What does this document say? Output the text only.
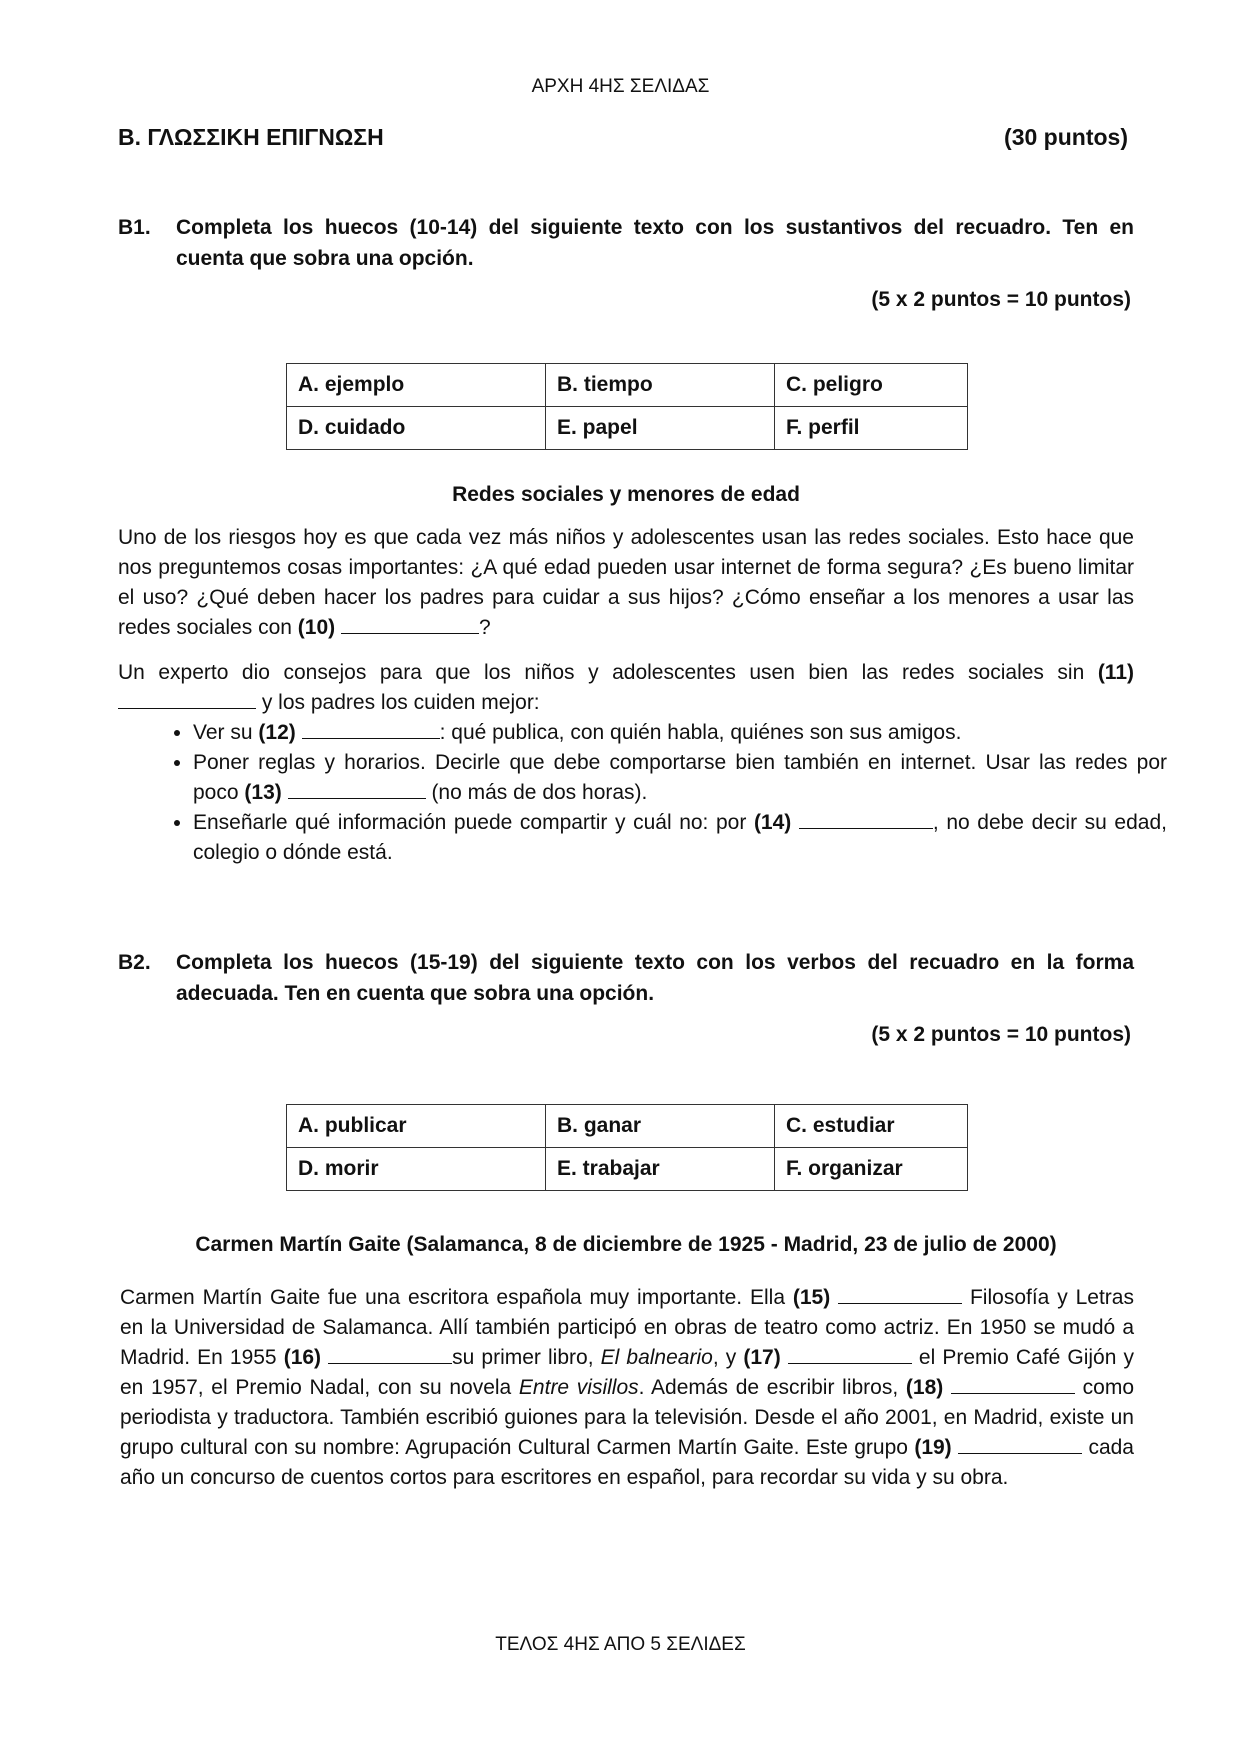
ΑΡΧΗ 4ΗΣ ΣΕΛΙΔΑΣ
Β. ΓΛΩΣΣΙΚΗ ΕΠΙΓΝΩΣΗ	(30 puntos)
B1. Completa los huecos (10-14) del siguiente texto con los sustantivos del recuadro. Ten en cuenta que sobra una opción.
(5 x 2 puntos = 10 puntos)
A. ejemplo	B. tiempo	C. peligro
D. cuidado	E. papel	F. perfil
Redes sociales y menores de edad
Uno de los riesgos hoy es que cada vez más niños y adolescentes usan las redes sociales. Esto hace que nos preguntemos cosas importantes: ¿A qué edad pueden usar internet de forma segura? ¿Es bueno limitar el uso? ¿Qué deben hacer los padres para cuidar a sus hijos? ¿Cómo enseñar a los menores a usar las redes sociales con (10)	?
Un experto dio consejos para que los niños y adolescentes usen bien las redes sociales sin (11)  y los padres los cuiden mejor:
• Ver su (12)	: qué publica, con quién habla, quiénes son sus amigos.
• Poner reglas y horarios. Decirle que debe comportarse bien también en internet. Usar las redes por poco (13)	(no más de dos horas).
• Enseñarle qué información puede compartir y cuál no: por (14)	, no debe decir su edad, colegio o dónde está.
B2. Completa los huecos (15-19) del siguiente texto con los verbos del recuadro en la forma adecuada. Ten en cuenta que sobra una opción.
(5 x 2 puntos = 10 puntos)
A. publicar	B. ganar	C. estudiar
D. morir	E. trabajar	F. organizar
Carmen Martín Gaite (Salamanca, 8 de diciembre de 1925 - Madrid, 23 de julio de 2000)
Carmen Martín Gaite fue una escritora española muy importante. Ella (15)	Filosofía y Letras en la Universidad de Salamanca. Allí también participó en obras de teatro como actriz. En 1950 se mudó a Madrid. En 1955 (16)	su primer libro, El balneario, y (17)	el Premio Café Gijón y en 1957, el Premio Nadal, con su novela Entre visillos. Además de escribir libros, (18)	como periodista y traductora. También escribió guiones para la televisión. Desde el año 2001, en Madrid, existe un grupo cultural con su nombre: Agrupación Cultural Carmen Martín Gaite. Este grupo (19)	cada año un concurso de cuentos cortos para escritores en español, para recordar su vida y su obra.
ΤΕΛΟΣ 4ΗΣ ΑΠΟ 5 ΣΕΛΙΔΕΣ
